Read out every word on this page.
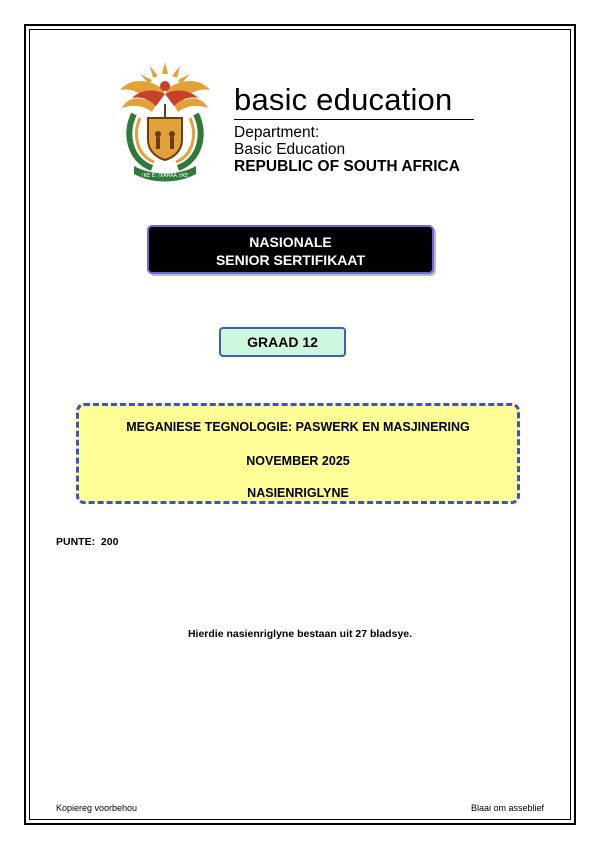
!KE E: /XARRA //KE
basic education
Department:
Basic Education
REPUBLIC OF SOUTH AFRICA
NASIONALE
SENIOR SERTIFIKAAT
GRAAD 12
MEGANIESE TEGNOLOGIE: PASWERK EN MASJINERING
NOVEMBER 2025
NASIENRIGLYNE
PUNTE:  200
Hierdie nasienriglyne bestaan uit 27 bladsye.
Kopiereg voorbehou	Blaai om asseblief
